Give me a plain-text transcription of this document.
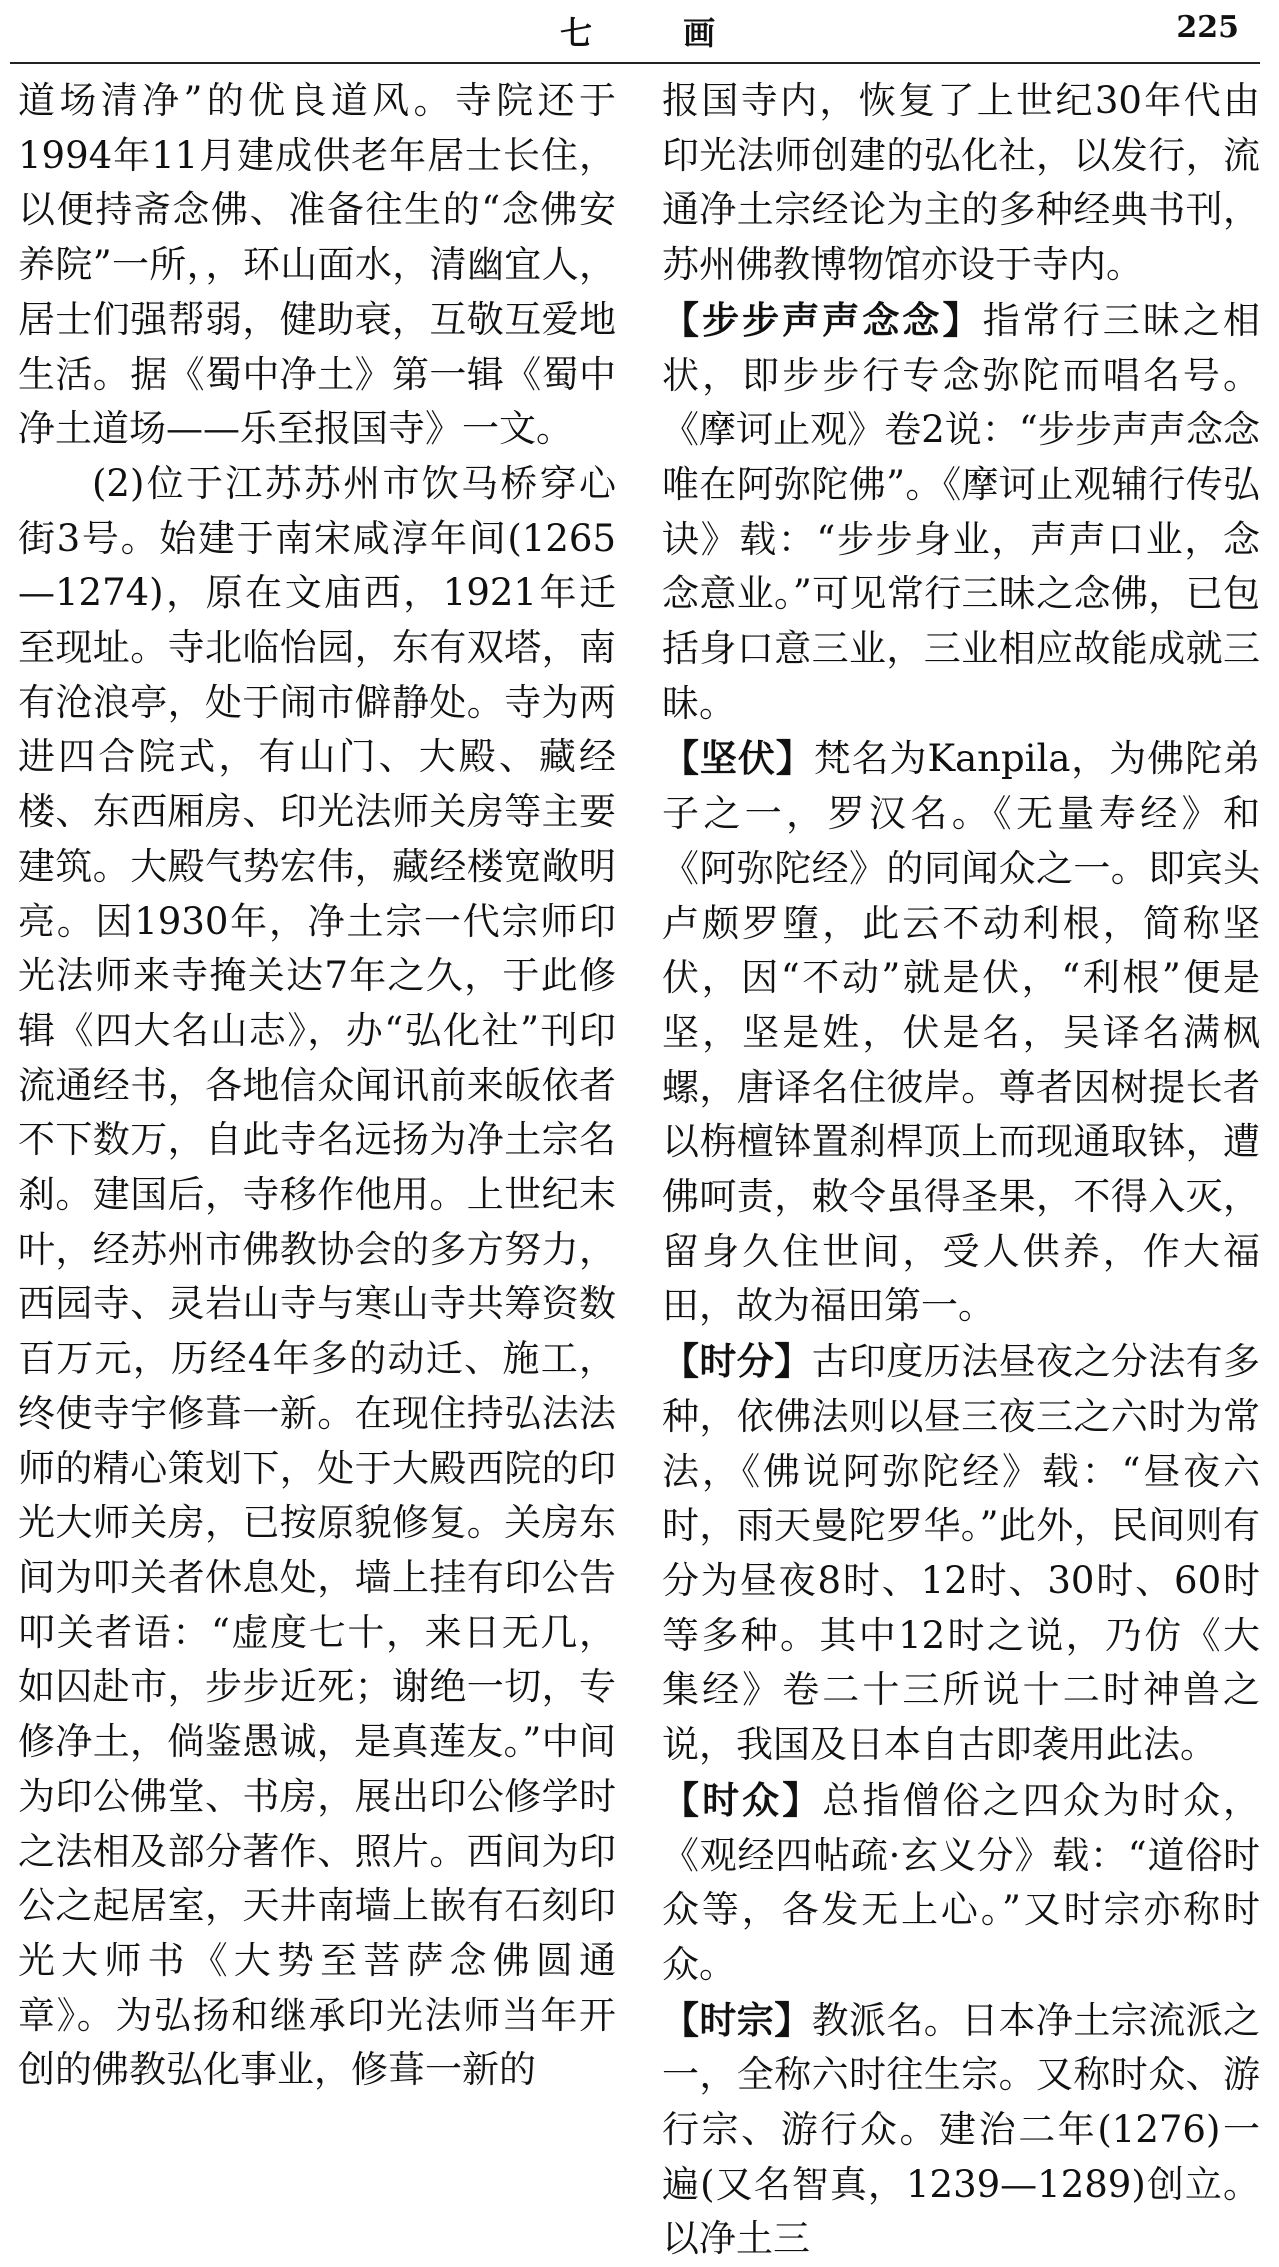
七 画	225

道场清净”的优良道风。寺院还于1994年11月建成供老年居士长住，以便持斋念佛、准备往生的“念佛安养院”一所，，环山面水，清幽宜人，居士们强帮弱，健助衰，互敬互爱地生活。据《蜀中净土》第一辑《蜀中净土道场——乐至报国寺》一文。

(2)位于江苏苏州市饮马桥穿心街3号。始建于南宋咸淳年间(1265—1274)，原在文庙西，1921年迁至现址。寺北临怡园，东有双塔，南有沧浪亭，处于闹市僻静处。寺为两进四合院式，有山门、大殿、藏经楼、东西厢房、印光法师关房等主要建筑。大殿气势宏伟，藏经楼宽敞明亮。因1930年，净土宗一代宗师印光法师来寺掩关达7年之久，于此修辑《四大名山志》，办“弘化社”刊印流通经书，各地信众闻讯前来皈依者不下数万，自此寺名远扬为净土宗名刹。建国后，寺移作他用。上世纪末叶，经苏州市佛教协会的多方努力，西园寺、灵岩山寺与寒山寺共筹资数百万元，历经4年多的动迁、施工，终使寺宇修葺一新。在现住持弘法法师的精心策划下，处于大殿西院的印光大师关房，已按原貌修复。关房东间为叩关者休息处，墙上挂有印公告叩关者语：“虚度七十，来日无几，如囚赴市，步步近死；谢绝一切，专修净土，倘鉴愚诚，是真莲友。”中间为印公佛堂、书房，展出印公修学时之法相及部分著作、照片。西间为印公之起居室，天井南墙上嵌有石刻印光大师书《大势至菩萨念佛圆通章》。为弘扬和继承印光法师当年开创的佛教弘化事业，修葺一新的

报国寺内，恢复了上世纪30年代由印光法师创建的弘化社，以发行，流通净土宗经论为主的多种经典书刊，苏州佛教博物馆亦设于寺内。

【步步声声念念】指常行三昧之相状，即步步行专念弥陀而唱名号。《摩诃止观》卷2说：“步步声声念念唯在阿弥陀佛”。《摩诃止观辅行传弘诀》载：“步步身业，声声口业，念念意业。”可见常行三昧之念佛，已包括身口意三业，三业相应故能成就三昧。

【坚伏】梵名为Kanpila，为佛陀弟子之一，罗汉名。《无量寿经》和《阿弥陀经》的同闻众之一。即宾头卢颇罗墮，此云不动利根，简称坚伏，因“不动”就是伏，“利根”便是坚，坚是姓，伏是名，吴译名满枫螺，唐译名住彼岸。尊者因树提长者以栴檀钵置刹桿顶上而现通取钵，遭佛呵责，敕令虽得圣果，不得入灭，留身久住世间，受人供养，作大福田，故为福田第一。

【时分】古印度历法昼夜之分法有多种，依佛法则以昼三夜三之六时为常法，《佛说阿弥陀经》载：“昼夜六时，雨天曼陀罗华。”此外，民间则有分为昼夜8时、12时、30时、60时等多种。其中12时之说，乃仿《大集经》卷二十三所说十二时神兽之说，我国及日本自古即袭用此法。

【时众】总指僧俗之四众为时众，《观经四帖疏·玄义分》载：“道俗时众等，各发无上心。”又时宗亦称时众。

【时宗】教派名。日本净土宗流派之一，全称六时往生宗。又称时众、游行宗、游行众。建治二年(1276)一遍(又名智真，1239—1289)创立。以净土三
